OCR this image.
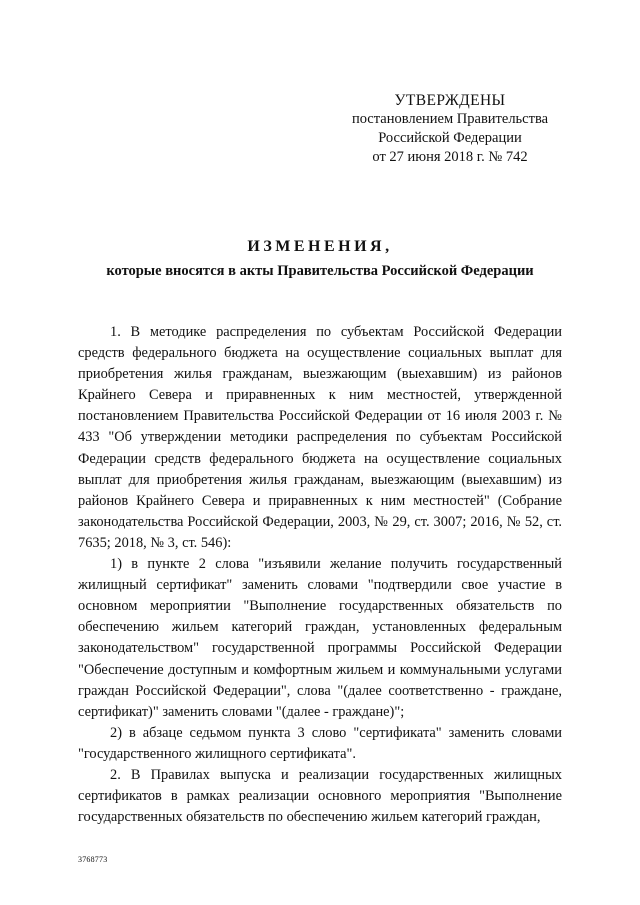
УТВЕРЖДЕНЫ
постановлением Правительства
Российской Федерации
от 27 июня 2018 г. № 742
ИЗМЕНЕНИЯ,
которые вносятся в акты Правительства Российской Федерации

1. В методике распределения по субъектам Российской Федерации средств федерального бюджета на осуществление социальных выплат для приобретения жилья гражданам, выезжающим (выехавшим) из районов Крайнего Севера и приравненных к ним местностей, утвержденной постановлением Правительства Российской Федерации от 16 июля 2003 г. № 433 "Об утверждении методики распределения по субъектам Российской Федерации средств федерального бюджета на осуществление социальных выплат для приобретения жилья гражданам, выезжающим (выехавшим) из районов Крайнего Севера и приравненных к ним местностей" (Собрание законодательства Российской Федерации, 2003, № 29, ст. 3007; 2016, № 52, ст. 7635; 2018, № 3, ст. 546):

1) в пункте 2 слова "изъявили желание получить государственный жилищный сертификат" заменить словами "подтвердили свое участие в основном мероприятии "Выполнение государственных обязательств по обеспечению жильем категорий граждан, установленных федеральным законодательством" государственной программы Российской Федерации "Обеспечение доступным и комфортным жильем и коммунальными услугами граждан Российской Федерации", слова "(далее соответственно - граждане, сертификат)" заменить словами "(далее - граждане)";

2) в абзаце седьмом пункта 3 слово "сертификата" заменить словами "государственного жилищного сертификата".

2. В Правилах выпуска и реализации государственных жилищных сертификатов в рамках реализации основного мероприятия "Выполнение государственных обязательств по обеспечению жильем категорий граждан,

3768773
